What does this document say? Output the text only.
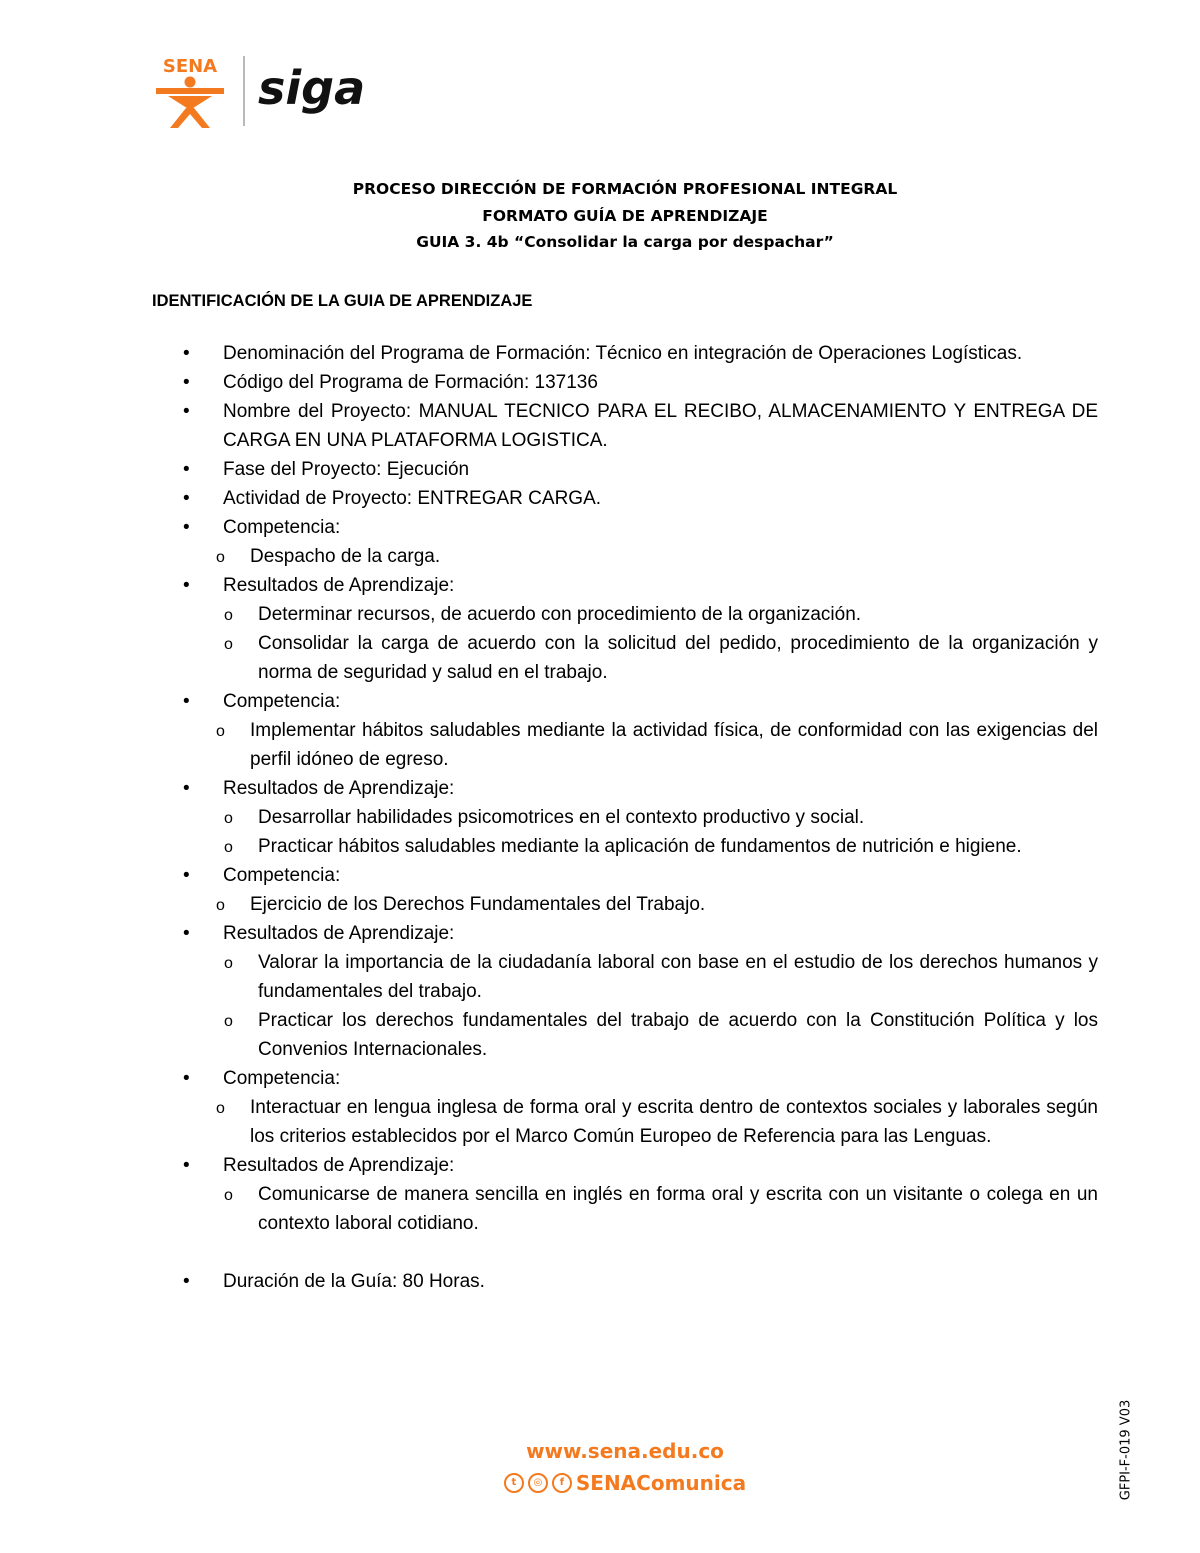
SENA siga
PROCESO DIRECCIÓN DE FORMACIÓN PROFESIONAL INTEGRAL
FORMATO GUÍA DE APRENDIZAJE
GUIA 3. 4b “Consolidar la carga por despachar”
IDENTIFICACIÓN DE LA GUIA DE APRENDIZAJE
• Denominación del Programa de Formación: Técnico en integración de Operaciones Logísticas.
• Código del Programa de Formación: 137136
• Nombre del Proyecto: MANUAL TECNICO PARA EL RECIBO, ALMACENAMIENTO Y ENTREGA DE CARGA EN UNA PLATAFORMA LOGISTICA.
• Fase del Proyecto: Ejecución
• Actividad de Proyecto: ENTREGAR CARGA.
• Competencia:
o Despacho de la carga.
• Resultados de Aprendizaje:
o Determinar recursos, de acuerdo con procedimiento de la organización.
o Consolidar la carga de acuerdo con la solicitud del pedido, procedimiento de la organización y norma de seguridad y salud en el trabajo.
• Competencia:
o Implementar hábitos saludables mediante la actividad física, de conformidad con las exigencias del perfil idóneo de egreso.
• Resultados de Aprendizaje:
o Desarrollar habilidades psicomotrices en el contexto productivo y social.
o Practicar hábitos saludables mediante la aplicación de fundamentos de nutrición e higiene.
• Competencia:
o Ejercicio de los Derechos Fundamentales del Trabajo.
• Resultados de Aprendizaje:
o Valorar la importancia de la ciudadanía laboral con base en el estudio de los derechos humanos y fundamentales del trabajo.
o Practicar los derechos fundamentales del trabajo de acuerdo con la Constitución Política y los Convenios Internacionales.
• Competencia:
o Interactuar en lengua inglesa de forma oral y escrita dentro de contextos sociales y laborales según los criterios establecidos por el Marco Común Europeo de Referencia para las Lenguas.
• Resultados de Aprendizaje:
o Comunicarse de manera sencilla en inglés en forma oral y escrita con un visitante o colega en un contexto laboral cotidiano.
• Duración de la Guía: 80 Horas.
www.sena.edu.co
t	◎	f SENAComunica	GFPI-F-019 V03
